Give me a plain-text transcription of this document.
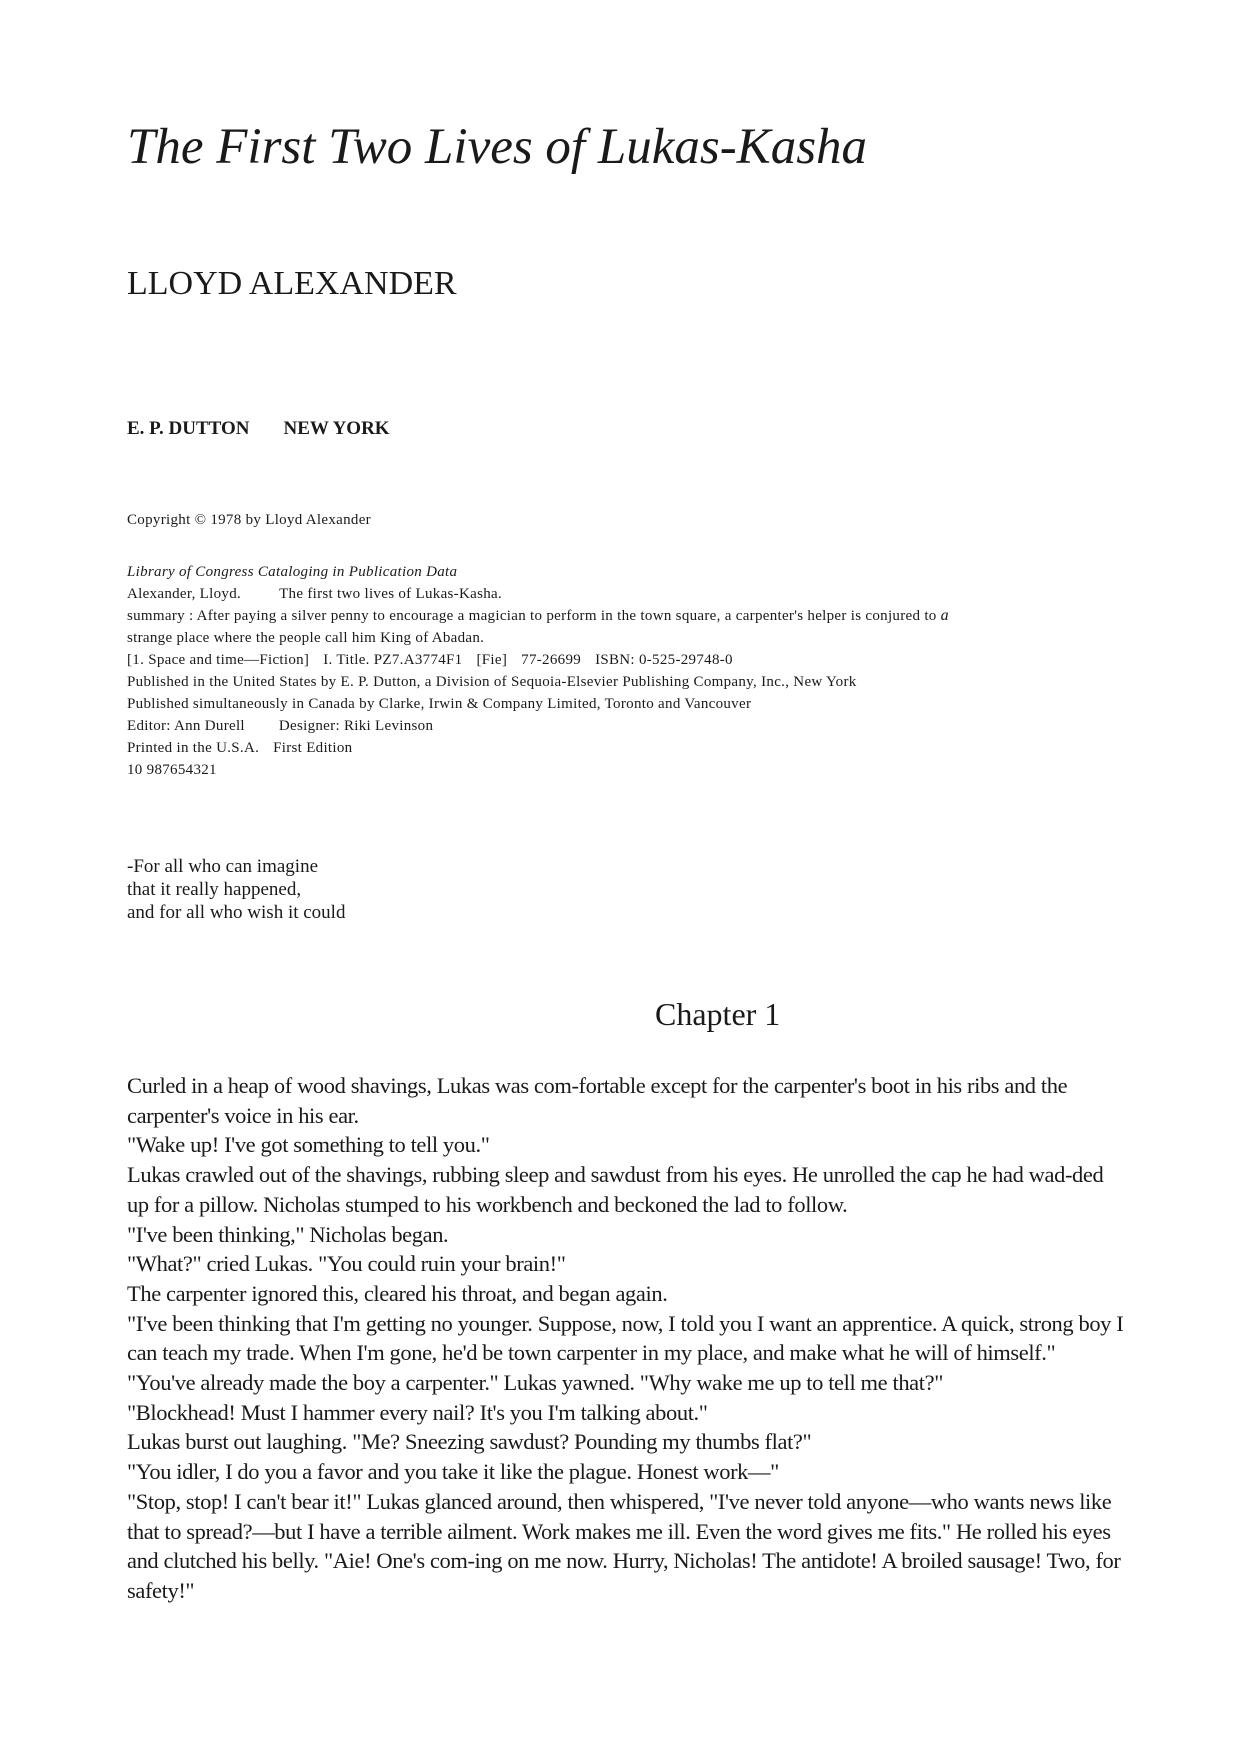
The First Two Lives of Lukas-Kasha
LLOYD ALEXANDER
E. P. DUTTON NEW YORK
Copyright © 1978 by Lloyd Alexander
Library of Congress Cataloging in Publication Data
Alexander, Lloyd.	The first two lives of Lukas-Kasha.
summary : After paying a silver penny to encourage a magician to perform in the town square, a carpenter's helper is conjured to a
strange place where the people call him King of Abadan.
[1. Space and time—Fiction] I. Title. PZ7.A3774F1 [Fie] 77-26699 ISBN: 0-525-29748-0
Published in the United States by E. P. Dutton, a Division of Sequoia-Elsevier Publishing Company, Inc., New York
Published simultaneously in Canada by Clarke, Irwin & Company Limited, Toronto and Vancouver
Editor: Ann Durell Designer: Riki Levinson
Printed in the U.S.A. First Edition
10 987654321
-For all who can imagine
that it really happened,
and for all who wish it could
Chapter 1

Curled in a heap of wood shavings, Lukas was com-fortable except for the carpenter's boot in his ribs and the carpenter's voice in his ear.

"Wake up! I've got something to tell you."

Lukas crawled out of the shavings, rubbing sleep and sawdust from his eyes. He unrolled the cap he had wad-ded up for a pillow. Nicholas stumped to his workbench and beckoned the lad to follow.

"I've been thinking," Nicholas began.

"What?" cried Lukas. "You could ruin your brain!"

The carpenter ignored this, cleared his throat, and began again.

"I've been thinking that I'm getting no younger. Suppose, now, I told you I want an apprentice. A quick, strong boy I can teach my trade. When I'm gone, he'd be town carpenter in my place, and make what he will of himself."

"You've already made the boy a carpenter." Lukas yawned. "Why wake me up to tell me that?"

"Blockhead! Must I hammer every nail? It's you I'm talking about."

Lukas burst out laughing. "Me? Sneezing sawdust? Pounding my thumbs flat?"

"You idler, I do you a favor and you take it like the plague. Honest work—"

"Stop, stop! I can't bear it!" Lukas glanced around, then whispered, "I've never told anyone—who wants news like that to spread?—but I have a terrible ailment. Work makes me ill. Even the word gives me fits." He rolled his eyes and clutched his belly. "Aie! One's com-ing on me now. Hurry, Nicholas! The antidote! A broiled sausage! Two, for safety!"
